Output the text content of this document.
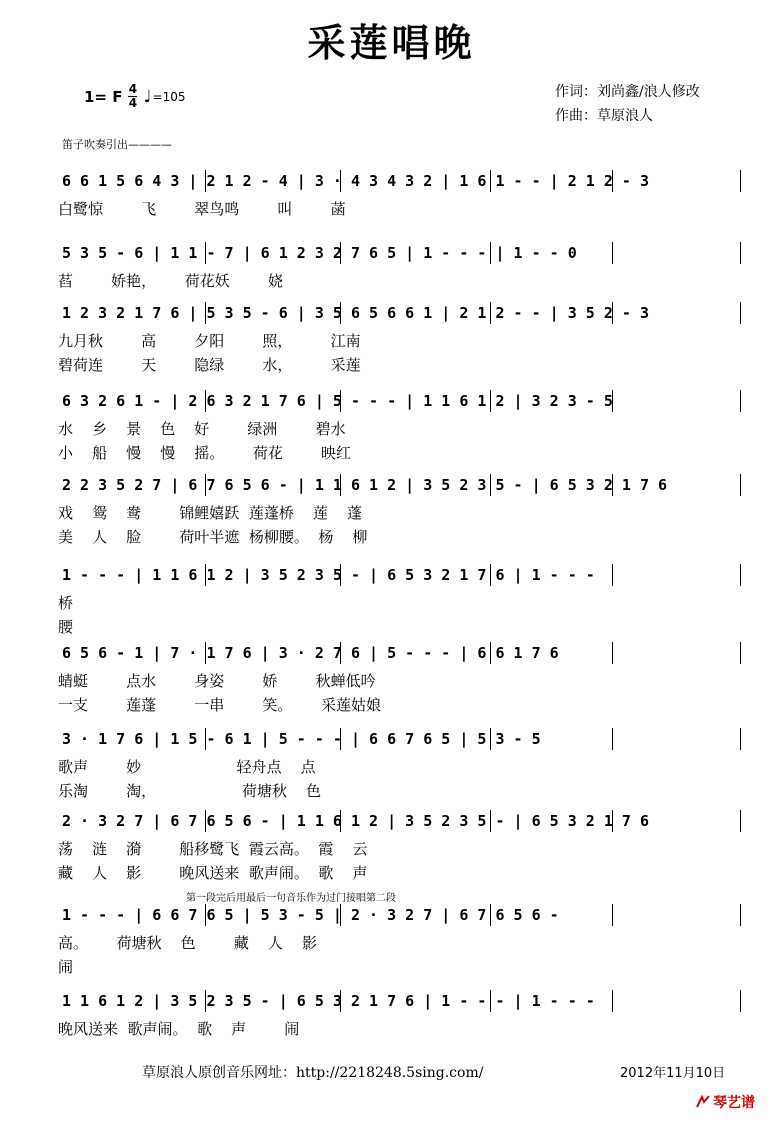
采莲唱晚
1= F $\frac{4}{4}$ ♩ =105	作词：刘尚鑫/浪人修改
作曲：草原浪人
笛子吹奏引出————
6 6 1 5 6 4 3 | 2 1 2 - 4 | 3 · 4 3 4 3 2 | 1 6 1 - - | 2 1 2 - 3
白鹭惊        飞        翠鸟鸣        叫        菡
5 3 5 - 6 | 1 1 - 7 | 6 1 2 3 2 7 6 5 | 1 - - - | 1 - - 0
萏        娇艳，      荷花妖        娆
1 2 3 2 1 7 6 | 5 3 5 - 6 | 3 5 6 5 6 6 1 | 2 1 2 - - | 3 5 2 - 3
九月秋        高        夕阳        照，        江南
碧荷连        天        隐绿        水，        采莲
6 3 2 6 1 - | 2 6 3 2 1 7 6 | 5 - - - | 1 1 6 1 2 | 3 2 3 - 5
水    乡    景    色    好        绿洲        碧水
小    船    慢    慢    摇。      荷花        映红
2 2 3 5 2 7 | 6 7 6 5 6 - | 1 1 6 1 2 | 3 5 2 3 5 - | 6 5 3 2 1 7 6
戏    鸳    鸯        锦鲤嬉跃  莲蓬桥    莲    蓬
美    人    脸        荷叶半遮  杨柳腰。  杨    柳
1 - - - | 1 1 6 1 2 | 3 5 2 3 5 - | 6 5 3 2 1 7 6 | 1 - - -
桥
腰
6 5 6 - 1 | 7 · 1 7 6 | 3 · 2 7 6 | 5 - - - | 6 6 1 7 6
蜻蜓        点水        身姿        娇        秋蝉低吟
一支        莲蓬        一串        笑。      采莲姑娘
3 · 1 7 6 | 1 5 - 6 1 | 5 - - - | 6 6 7 6 5 | 5 3 - 5
歌声        妙                    轻舟点    点
乐淘        淘，                  荷塘秋    色
2 · 3 2 7 | 6 7 6 5 6 - | 1 1 6 1 2 | 3 5 2 3 5 - | 6 5 3 2 1 7 6
荡    涟    漪        船移鹭飞  霞云高。  霞    云
藏    人    影        晚风送来  歌声闹。  歌    声
1 - - - | 6 6 7 6 5 | 5 3 - 5 | 2 · 3 2 7 | 6 7 6 5 6 -
高。      荷塘秋    色        藏    人    影
闹
1 1 6 1 2 | 3 5 2 3 5 - | 6 5 3 2 1 7 6 | 1 - - - | 1 - - -
晚风送来  歌声闹。  歌    声        闹
第一段完后用最后一句音乐作为过门接唱第二段
草原浪人原创音乐网址：http://2218248.5sing.com/	2012年11月10日
琴艺谱
